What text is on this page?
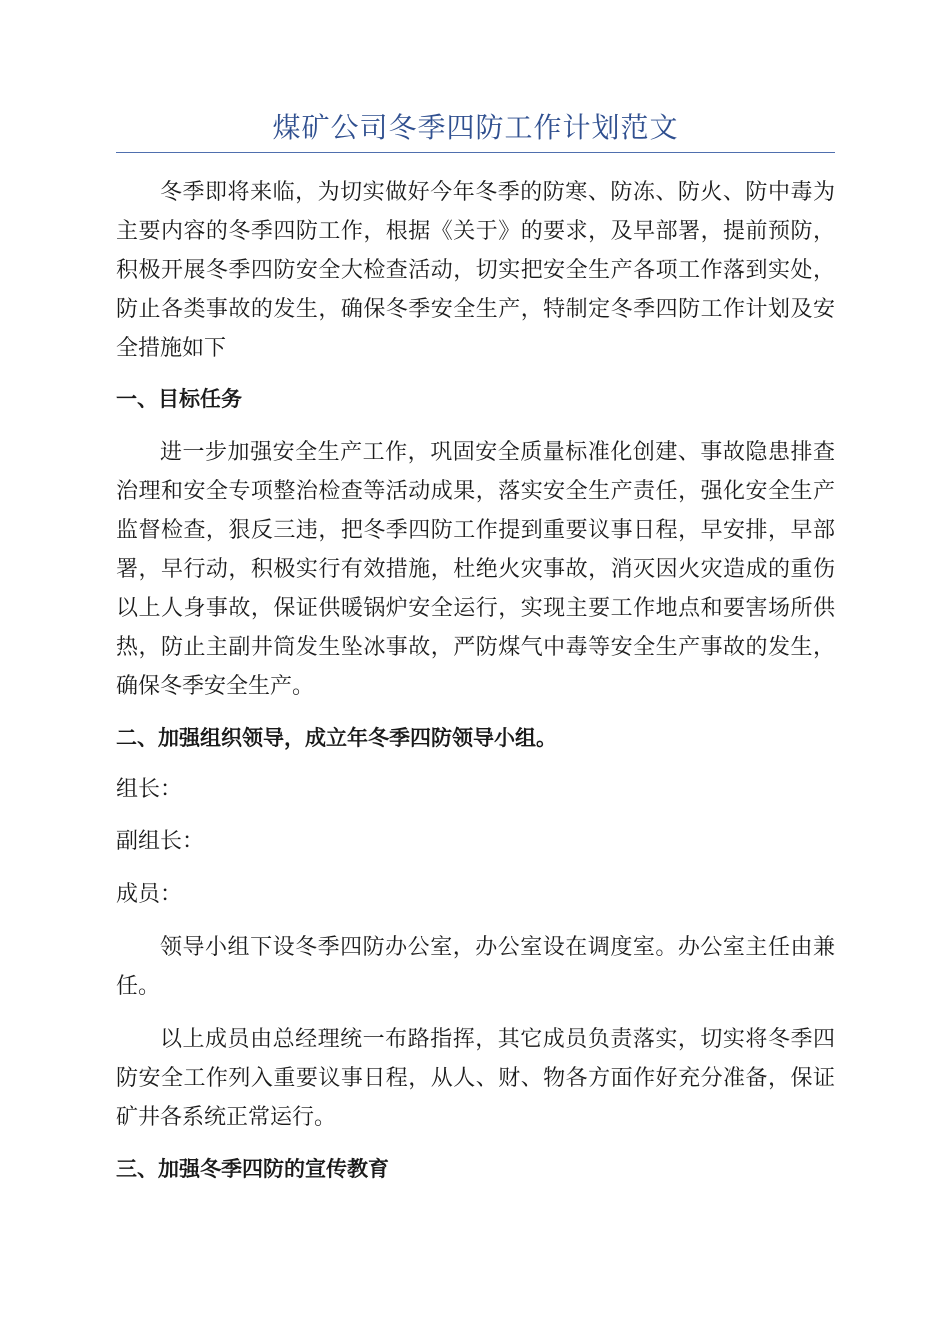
煤矿公司冬季四防工作计划范文

冬季即将来临，为切实做好今年冬季的防寒、防冻、防火、防中毒为主要内容的冬季四防工作，根据《关于》的要求，及早部署，提前预防，积极开展冬季四防安全大检查活动，切实把安全生产各项工作落到实处，防止各类事故的发生，确保冬季安全生产，特制定冬季四防工作计划及安全措施如下

一、目标任务

进一步加强安全生产工作，巩固安全质量标准化创建、事故隐患排查治理和安全专项整治检查等活动成果，落实安全生产责任，强化安全生产监督检查，狠反三违，把冬季四防工作提到重要议事日程，早安排，早部署，早行动，积极实行有效措施，杜绝火灾事故，消灭因火灾造成的重伤以上人身事故，保证供暖锅炉安全运行，实现主要工作地点和要害场所供热，防止主副井筒发生坠冰事故，严防煤气中毒等安全生产事故的发生，确保冬季安全生产。

二、加强组织领导，成立年冬季四防领导小组。

组长：

副组长：

成员：

领导小组下设冬季四防办公室，办公室设在调度室。办公室主任由兼任。

以上成员由总经理统一布路指挥，其它成员负责落实，切实将冬季四防安全工作列入重要议事日程，从人、财、物各方面作好充分准备，保证矿井各系统正常运行。

三、加强冬季四防的宣传教育
